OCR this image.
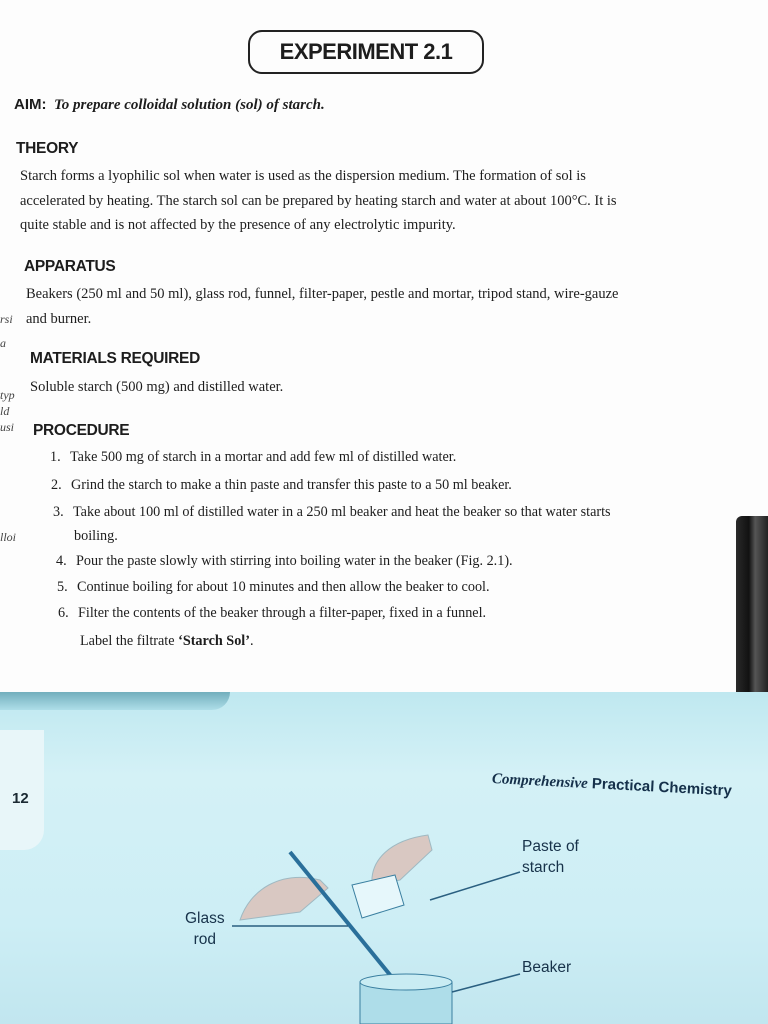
EXPERIMENT 2.1
AIM: To prepare colloidal solution (sol) of starch.
THEORY
Starch forms a lyophilic sol when water is used as the dispersion medium. The formation of sol is
accelerated by heating. The starch sol can be prepared by heating starch and water at about 100°C. It is
quite stable and is not affected by the presence of any electrolytic impurity.
APPARATUS
Beakers (250 ml and 50 ml), glass rod, funnel, filter-paper, pestle and mortar, tripod stand, wire-gauze
and burner.
MATERIALS REQUIRED
Soluble starch (500 mg) and distilled water.
PROCEDURE
1. Take 500 mg of starch in a mortar and add few ml of distilled water.
2. Grind the starch to make a thin paste and transfer this paste to a 50 ml beaker.
3. Take about 100 ml of distilled water in a 250 ml beaker and heat the beaker so that water starts
boiling.
4. Pour the paste slowly with stirring into boiling water in the beaker (Fig. 2.1).
5. Continue boiling for about 10 minutes and then allow the beaker to cool.
6. Filter the contents of the beaker through a filter-paper, fixed in a funnel.
Label the filtrate ‘Starch Sol’.
typ
ld
usi
lloi
rsi
a
12
Comprehensive Practical Chemistry
Paste of
starch
Glass
rod
Beaker
